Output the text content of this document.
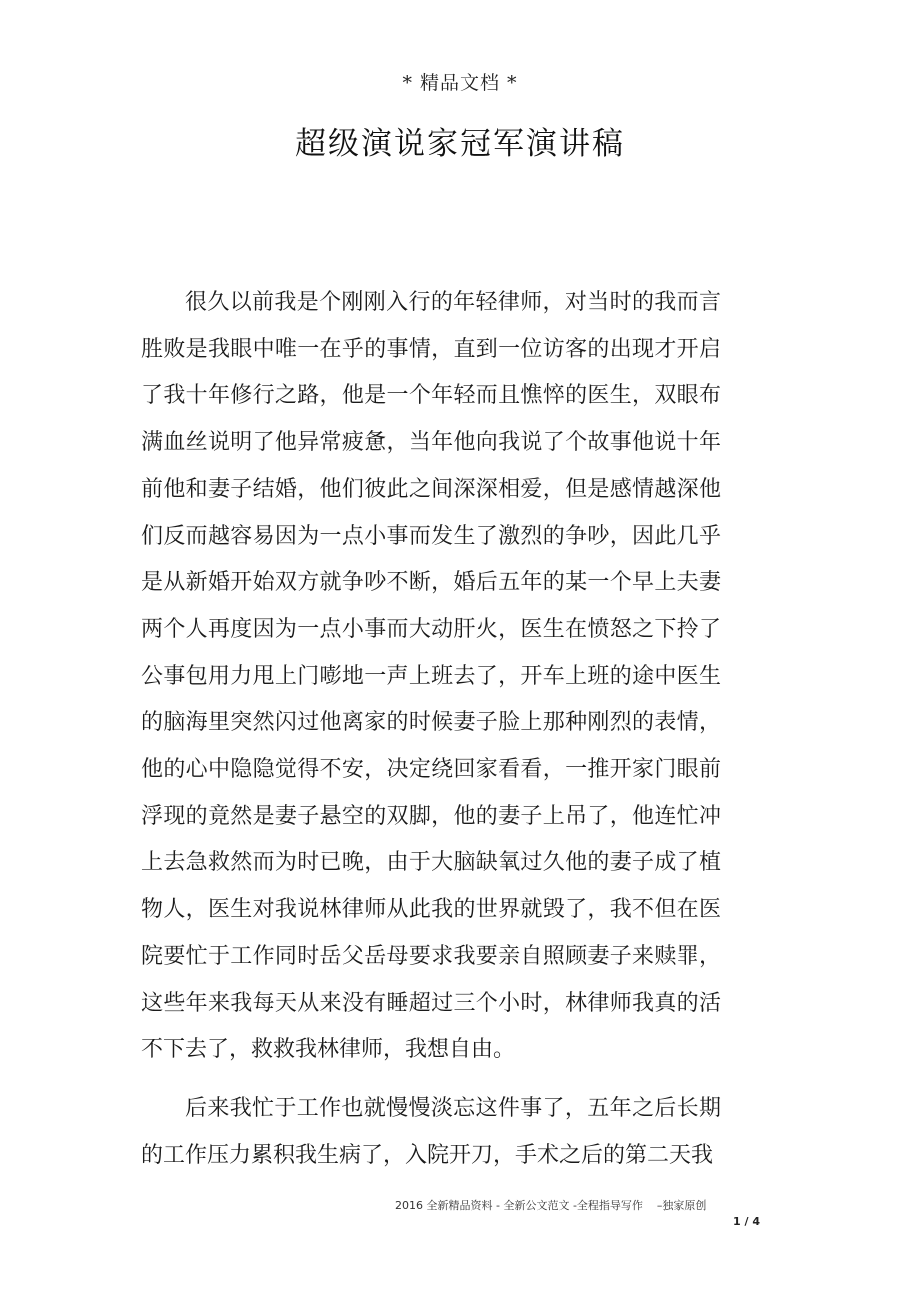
* 精品文档 *
超级演说家冠军演讲稿

很久以前我是个刚刚入行的年轻律师，对当时的我而言胜败是我眼中唯一在乎的事情，直到一位访客的出现才开启了我十年修行之路，他是一个年轻而且憔悴的医生，双眼布满血丝说明了他异常疲惫，当年他向我说了个故事他说十年前他和妻子结婚，他们彼此之间深深相爱，但是感情越深他们反而越容易因为一点小事而发生了激烈的争吵，因此几乎是从新婚开始双方就争吵不断，婚后五年的某一个早上夫妻两个人再度因为一点小事而大动肝火，医生在愤怒之下拎了公事包用力甩上门嘭地一声上班去了，开车上班的途中医生的脑海里突然闪过他离家的时候妻子脸上那种刚烈的表情，他的心中隐隐觉得不安，决定绕回家看看，一推开家门眼前浮现的竟然是妻子悬空的双脚，他的妻子上吊了，他连忙冲上去急救然而为时已晚，由于大脑缺氧过久他的妻子成了植物人，医生对我说林律师从此我的世界就毁了，我不但在医院要忙于工作同时岳父岳母要求我要亲自照顾妻子来赎罪，这些年来我每天从来没有睡超过三个小时，林律师我真的活不下去了，救救我林律师，我想自由。

后来我忙于工作也就慢慢淡忘这件事了，五年之后长期的工作压力累积我生病了，入院开刀，手术之后的第二天我

2016 全新精品资料 - 全新公文范文 -全程指导写作 –独家原创
1 / 4
